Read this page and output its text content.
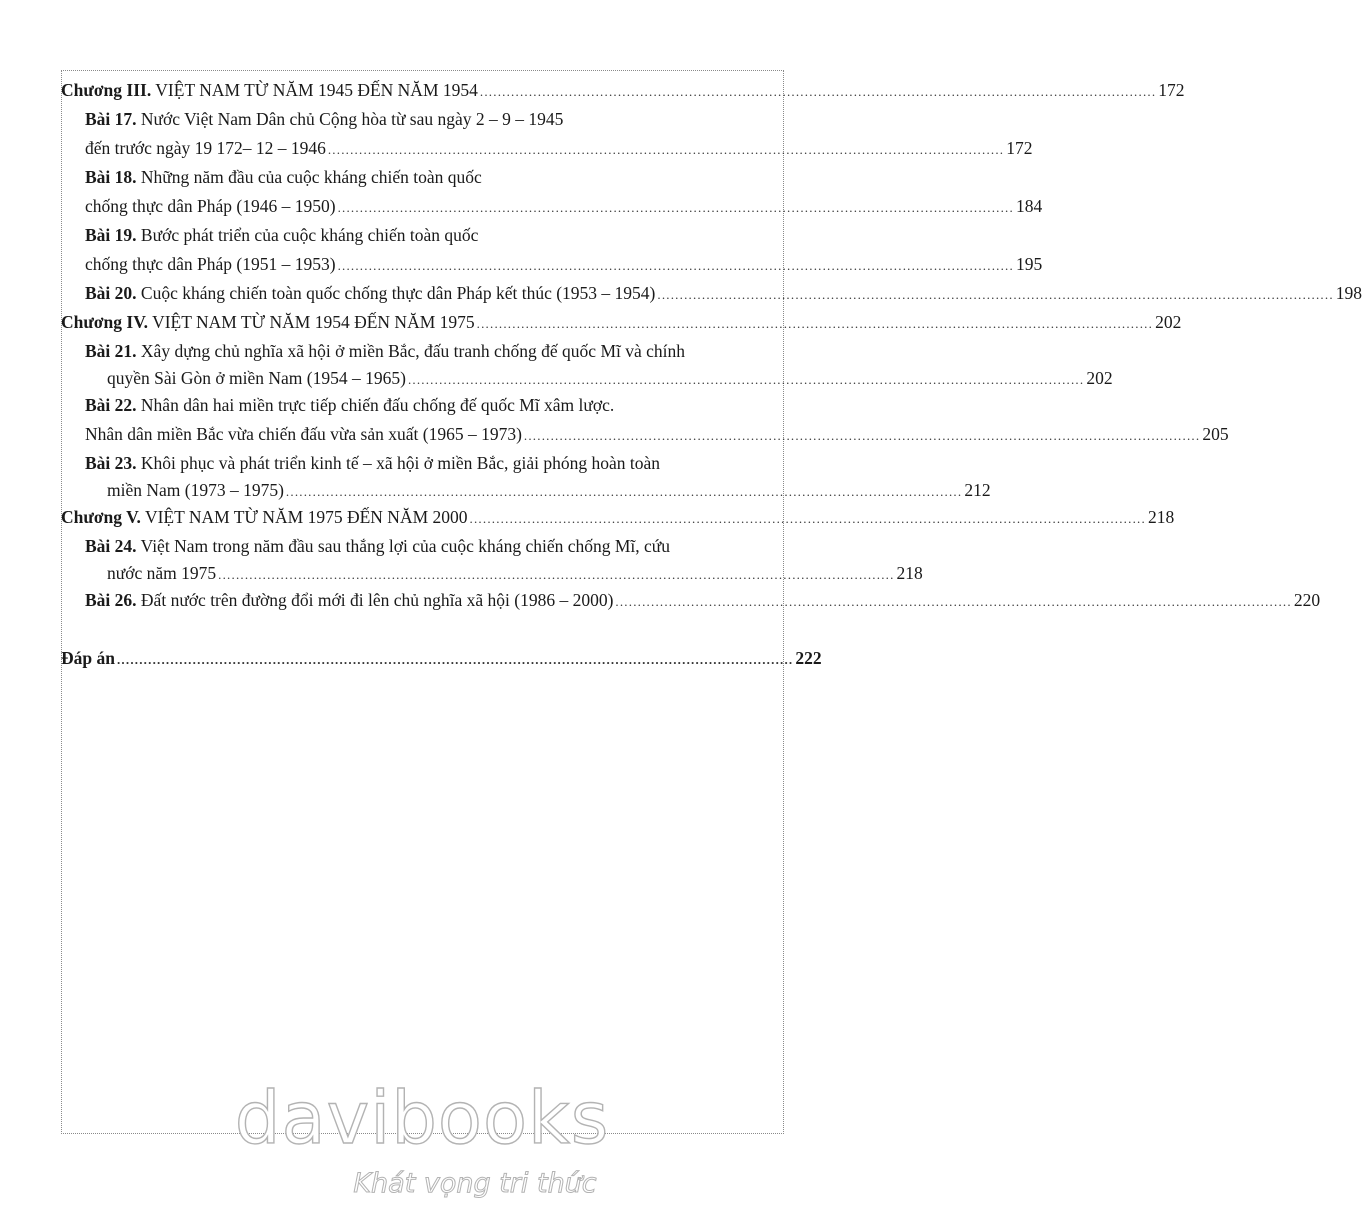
Chương III. VIỆT NAM TỪ NĂM 1945 ĐẾN NĂM 1954 ........................................................................................................................................................ 172
Bài 17. Nước Việt Nam Dân chủ Cộng hòa từ sau ngày 2 – 9 – 1945
đến trước ngày 19 172– 12 – 1946 ........................................................................................................................................................ 172
Bài 18. Những năm đầu của cuộc kháng chiến toàn quốc
chống thực dân Pháp (1946 – 1950) ........................................................................................................................................................ 184
Bài 19. Bước phát triển của cuộc kháng chiến toàn quốc
chống thực dân Pháp (1951 – 1953) ........................................................................................................................................................ 195
Bài 20. Cuộc kháng chiến toàn quốc chống thực dân Pháp kết thúc (1953 – 1954) ........................................................................................................................................................ 198
Chương IV. VIỆT NAM TỪ NĂM 1954 ĐẾN NĂM 1975 ........................................................................................................................................................ 202
Bài 21. Xây dựng chủ nghĩa xã hội ở miền Bắc, đấu tranh chống đế quốc Mĩ và chính
quyền Sài Gòn ở miền Nam (1954 – 1965) ........................................................................................................................................................ 202
Bài 22. Nhân dân hai miền trực tiếp chiến đấu chống đế quốc Mĩ xâm lược.
Nhân dân miền Bắc vừa chiến đấu vừa sản xuất (1965 – 1973) ........................................................................................................................................................ 205
Bài 23. Khôi phục và phát triển kinh tế – xã hội ở miền Bắc, giải phóng hoàn toàn
miền Nam (1973 – 1975) ........................................................................................................................................................ 212
Chương V. VIỆT NAM TỪ NĂM 1975 ĐẾN NĂM 2000 ........................................................................................................................................................ 218
Bài 24. Việt Nam trong năm đầu sau thắng lợi của cuộc kháng chiến chống Mĩ, cứu
nước năm 1975 ........................................................................................................................................................ 218
Bài 26. Đất nước trên đường đổi mới đi lên chủ nghĩa xã hội (1986 – 2000) ........................................................................................................................................................ 220
Đáp án ........................................................................................................................................................ 222
davibooks
Khát vọng tri thức
